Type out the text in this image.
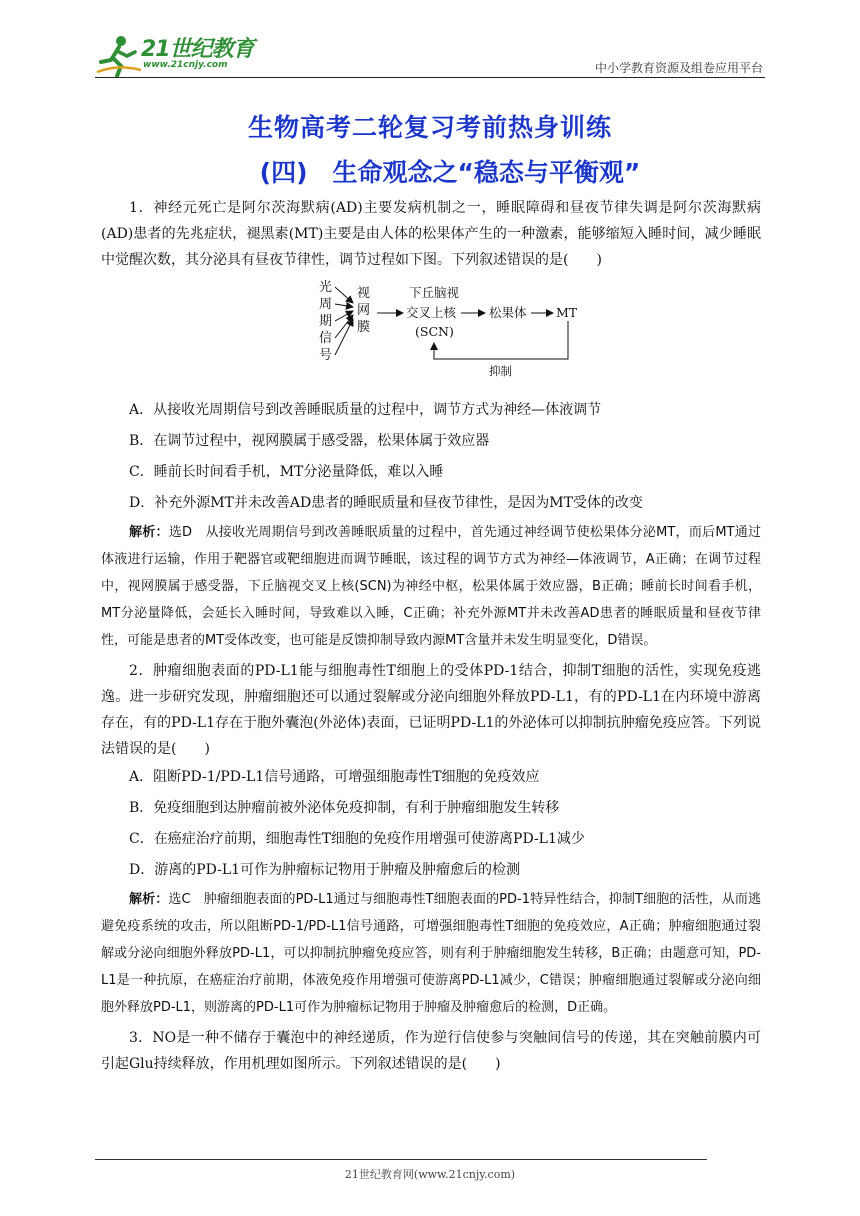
21世纪教育
www.21cnjy.com	中小学教育资源及组卷应用平台
生物高考二轮复习考前热身训练
(四)　生命观念之“稳态与平衡观”

1．神经元死亡是阿尔茨海默病(AD)主要发病机制之一，睡眠障碍和昼夜节律失调是阿尔茨海默病(AD)患者的先兆症状，褪黑素(MT)主要是由人体的松果体产生的一种激素，能够缩短入睡时间，减少睡眠中觉醒次数，其分泌具有昼夜节律性，调节过程如下图。下列叙述错误的是(　　)

光
周
期
信
号
视
网
膜
下丘脑视
交叉上核
(SCN)
松果体 MT
抑制

A．从接收光周期信号到改善睡眠质量的过程中，调节方式为神经—体液调节

B．在调节过程中，视网膜属于感受器，松果体属于效应器

C．睡前长时间看手机，MT分泌量降低，难以入睡

D．补充外源MT并未改善AD患者的睡眠质量和昼夜节律性，是因为MT受体的改变

解析：选D　从接收光周期信号到改善睡眠质量的过程中，首先通过神经调节使松果体分泌MT，而后MT通过体液进行运输，作用于靶器官或靶细胞进而调节睡眠，该过程的调节方式为神经—体液调节，A正确；在调节过程中，视网膜属于感受器，下丘脑视交叉上核(SCN)为神经中枢，松果体属于效应器，B正确；睡前长时间看手机，MT分泌量降低，会延长入睡时间，导致难以入睡，C正确；补充外源MT并未改善AD患者的睡眠质量和昼夜节律性，可能是患者的MT受体改变，也可能是反馈抑制导致内源MT含量并未发生明显变化，D错误。

2．肿瘤细胞表面的PD-L1能与细胞毒性T细胞上的受体PD-1结合，抑制T细胞的活性，实现免疫逃逸。进一步研究发现，肿瘤细胞还可以通过裂解或分泌向细胞外释放PD-L1，有的PD-L1在内环境中游离存在，有的PD-L1存在于胞外囊泡(外泌体)表面，已证明PD-L1的外泌体可以抑制抗肿瘤免疫应答。下列说法错误的是(　　)

A．阻断PD-1/PD-L1信号通路，可增强细胞毒性T细胞的免疫效应

B．免疫细胞到达肿瘤前被外泌体免疫抑制，有利于肿瘤细胞发生转移

C．在癌症治疗前期，细胞毒性T细胞的免疫作用增强可使游离PD-L1减少

D．游离的PD-L1可作为肿瘤标记物用于肿瘤及肿瘤愈后的检测

解析：选C　肿瘤细胞表面的PD-L1通过与细胞毒性T细胞表面的PD-1特异性结合，抑制T细胞的活性，从而逃避免疫系统的攻击，所以阻断PD-1/PD-L1信号通路，可增强细胞毒性T细胞的免疫效应，A正确；肿瘤细胞通过裂解或分泌向细胞外释放PD-L1，可以抑制抗肿瘤免疫应答，则有利于肿瘤细胞发生转移，B正确；由题意可知，PD-L1是一种抗原，在癌症治疗前期，体液免疫作用增强可使游离PD-L1减少，C错误；肿瘤细胞通过裂解或分泌向细胞外释放PD-L1，则游离的PD-L1可作为肿瘤标记物用于肿瘤及肿瘤愈后的检测，D正确。

3．NO是一种不储存于囊泡中的神经递质，作为逆行信使参与突触间信号的传递，其在突触前膜内可引起Glu持续释放，作用机理如图所示。下列叙述错误的是(　　)

21世纪教育网(www.21cnjy.com)
